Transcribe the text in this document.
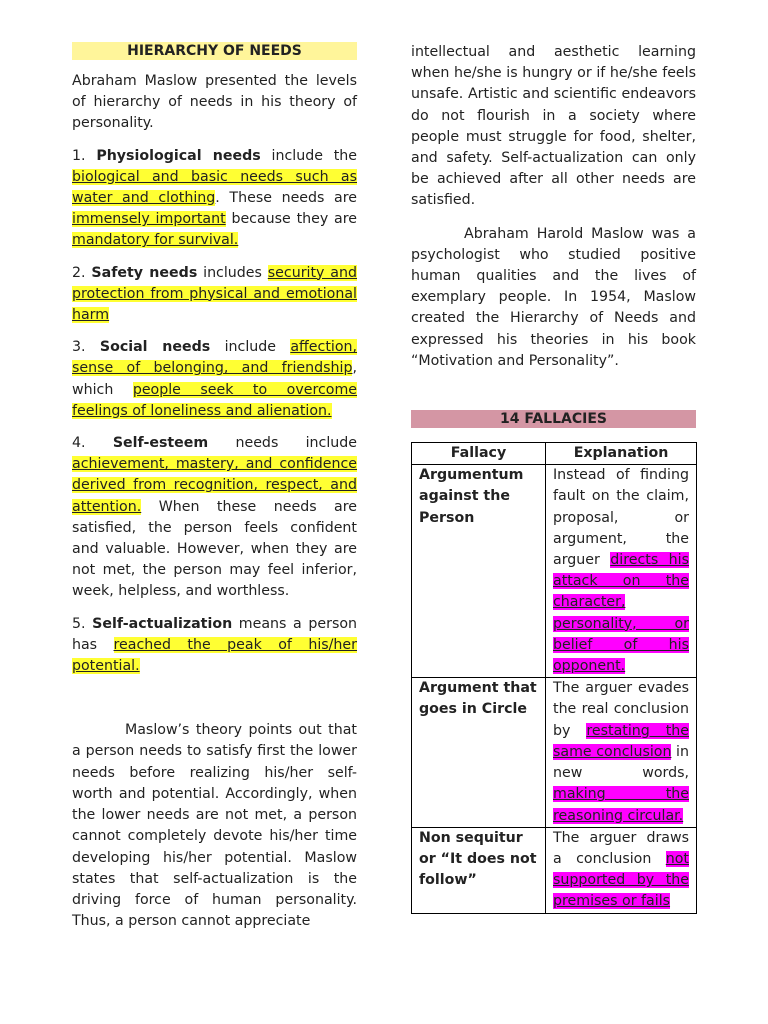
HIERARCHY OF NEEDS

Abraham Maslow presented the levels of hierarchy of needs in his theory of personality.

1. Physiological needs include the biological and basic needs such as water and clothing. These needs are immensely important because they are mandatory for survival.

2. Safety needs includes security and protection from physical and emotional harm

3. Social needs include affection, sense of belonging, and friendship, which people seek to overcome feelings of loneliness and alienation.

4. Self-esteem needs include achievement, mastery, and confidence derived from recognition, respect, and attention. When these needs are satisfied, the person feels confident and valuable. However, when they are not met, the person may feel inferior, week, helpless, and worthless.

5. Self-actualization means a person has reached the peak of his/her potential.

Maslow’s theory points out that a person needs to satisfy first the lower needs before realizing his/her self-worth and potential. Accordingly, when the lower needs are not met, a person cannot completely devote his/her time developing his/her potential. Maslow states that self-actualization is the driving force of human personality. Thus, a person cannot appreciate

intellectual and aesthetic learning when he/she is hungry or if he/she feels unsafe. Artistic and scientific endeavors do not flourish in a society where people must struggle for food, shelter, and safety. Self-actualization can only be achieved after all other needs are satisfied.

Abraham Harold Maslow was a psychologist who studied positive human qualities and the lives of exemplary people. In 1954, Maslow created the Hierarchy of Needs and expressed his theories in his book “Motivation and Personality”.

14 FALLACIES
Fallacy	Explanation
Argumentum against the Person	Instead of finding fault on the claim, proposal, or argument, the arguer directs his attack on the character, personality, or belief of his opponent.
Argument that goes in Circle	The arguer evades the real conclusion by restating the same conclusion in new words, making the reasoning circular.
Non sequitur or “It does not follow”	The arguer draws a conclusion not supported by the premises or fails
